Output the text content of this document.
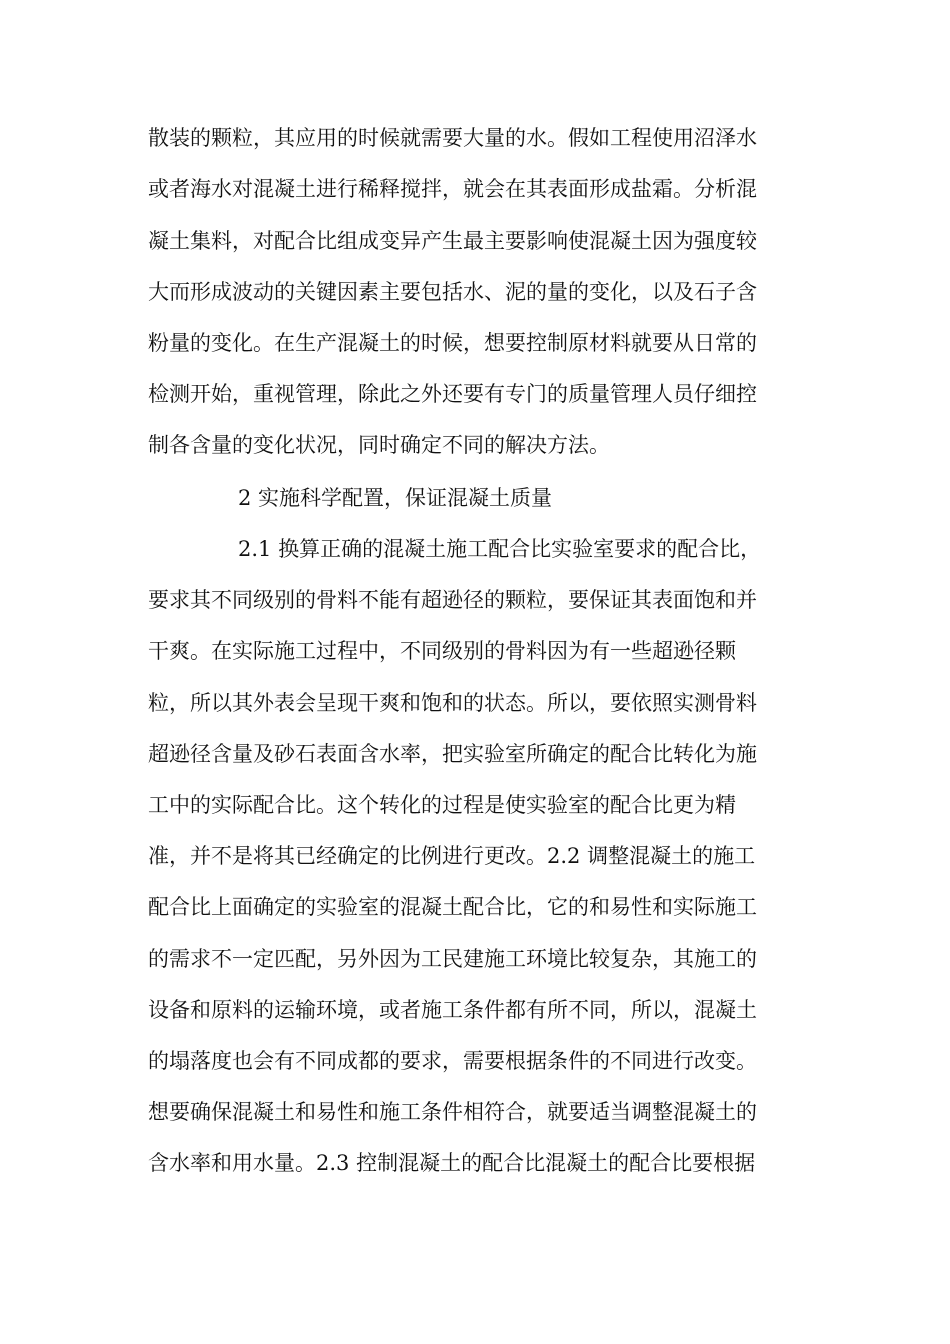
散装的颗粒，其应用的时候就需要大量的水。假如工程使用沼泽水
或者海水对混凝土进行稀释搅拌，就会在其表面形成盐霜。分析混
凝土集料，对配合比组成变异产生最主要影响使混凝土因为强度较
大而形成波动的关键因素主要包括水、泥的量的变化，以及石子含
粉量的变化。在生产混凝土的时候，想要控制原材料就要从日常的
检测开始，重视管理，除此之外还要有专门的质量管理人员仔细控
制各含量的变化状况，同时确定不同的解决方法。
2 实施科学配置，保证混凝土质量
2.1 换算正确的混凝土施工配合比实验室要求的配合比，
要求其不同级别的骨料不能有超逊径的颗粒，要保证其表面饱和并
干爽。在实际施工过程中，不同级别的骨料因为有一些超逊径颗
粒，所以其外表会呈现干爽和饱和的状态。所以，要依照实测骨料
超逊径含量及砂石表面含水率，把实验室所确定的配合比转化为施
工中的实际配合比。这个转化的过程是使实验室的配合比更为精
准，并不是将其已经确定的比例进行更改。2.2 调整混凝土的施工
配合比上面确定的实验室的混凝土配合比，它的和易性和实际施工
的需求不一定匹配，另外因为工民建施工环境比较复杂，其施工的
设备和原料的运输环境，或者施工条件都有所不同，所以，混凝土
的塌落度也会有不同成都的要求，需要根据条件的不同进行改变。
想要确保混凝土和易性和施工条件相符合，就要适当调整混凝土的
含水率和用水量。2.3 控制混凝土的配合比混凝土的配合比要根据
